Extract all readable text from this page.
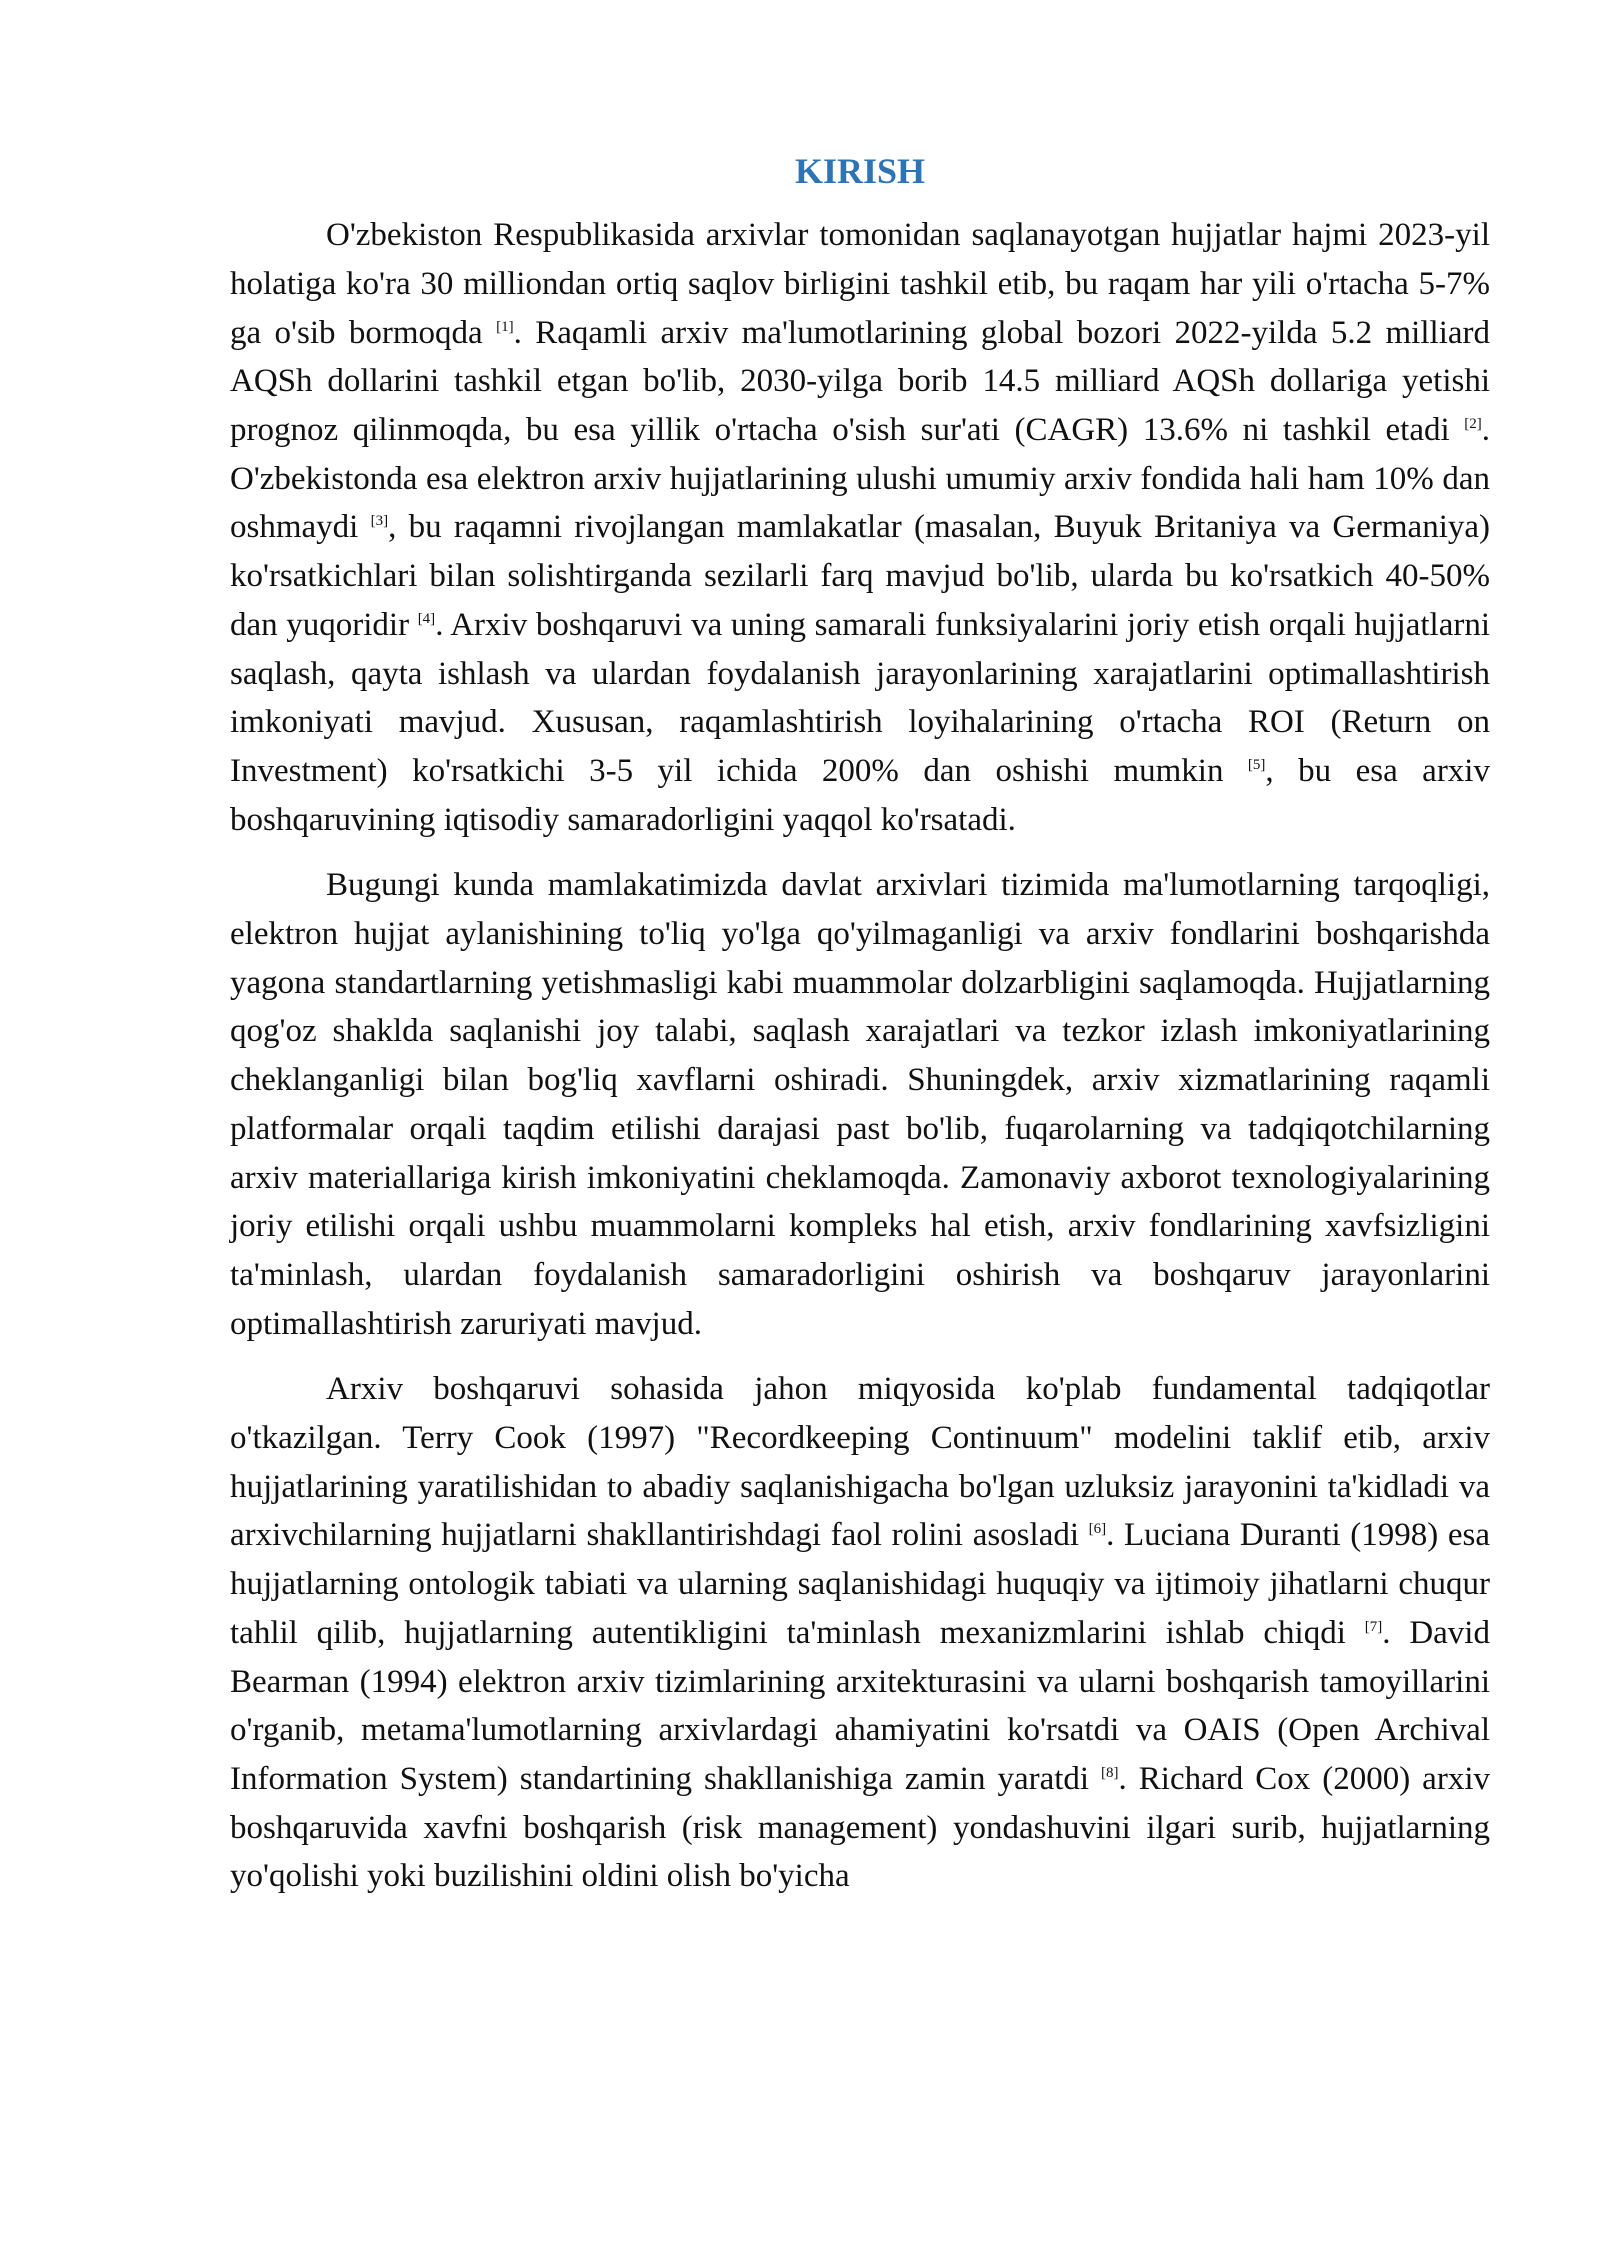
KIRISH

O'zbekiston Respublikasida arxivlar tomonidan saqlanayotgan hujjatlar hajmi 2023-yil holatiga ko'ra 30 milliondan ortiq saqlov birligini tashkil etib, bu raqam har yili o'rtacha 5-7% ga o'sib bormoqda [1]. Raqamli arxiv ma'lumotlarining global bozori 2022-yilda 5.2 milliard AQSh dollarini tashkil etgan bo'lib, 2030-yilga borib 14.5 milliard AQSh dollariga yetishi prognoz qilinmoqda, bu esa yillik o'rtacha o'sish sur'ati (CAGR) 13.6% ni tashkil etadi [2]. O'zbekistonda esa elektron arxiv hujjatlarining ulushi umumiy arxiv fondida hali ham 10% dan oshmaydi [3], bu raqamni rivojlangan mamlakatlar (masalan, Buyuk Britaniya va Germaniya) ko'rsatkichlari bilan solishtirganda sezilarli farq mavjud bo'lib, ularda bu ko'rsatkich 40-50% dan yuqoridir [4]. Arxiv boshqaruvi va uning samarali funksiyalarini joriy etish orqali hujjatlarni saqlash, qayta ishlash va ulardan foydalanish jarayonlarining xarajatlarini optimallashtirish imkoniyati mavjud. Xususan, raqamlashtirish loyihalarining o'rtacha ROI (Return on Investment) ko'rsatkichi 3-5 yil ichida 200% dan oshishi mumkin [5], bu esa arxiv boshqaruvining iqtisodiy samaradorligini yaqqol ko'rsatadi.

Bugungi kunda mamlakatimizda davlat arxivlari tizimida ma'lumotlarning tarqoqligi, elektron hujjat aylanishining to'liq yo'lga qo'yilmaganligi va arxiv fondlarini boshqarishda yagona standartlarning yetishmasligi kabi muammolar dolzarbligini saqlamoqda. Hujjatlarning qog'oz shaklda saqlanishi joy talabi, saqlash xarajatlari va tezkor izlash imkoniyatlarining cheklanganligi bilan bog'liq xavflarni oshiradi. Shuningdek, arxiv xizmatlarining raqamli platformalar orqali taqdim etilishi darajasi past bo'lib, fuqarolarning va tadqiqotchilarning arxiv materiallariga kirish imkoniyatini cheklamoqda. Zamonaviy axborot texnologiyalarining joriy etilishi orqali ushbu muammolarni kompleks hal etish, arxiv fondlarining xavfsizligini ta'minlash, ulardan foydalanish samaradorligini oshirish va boshqaruv jarayonlarini optimallashtirish zaruriyati mavjud.

Arxiv boshqaruvi sohasida jahon miqyosida ko'plab fundamental tadqiqotlar o'tkazilgan. Terry Cook (1997) "Recordkeeping Continuum" modelini taklif etib, arxiv hujjatlarining yaratilishidan to abadiy saqlanishigacha bo'lgan uzluksiz jarayonini ta'kidladi va arxivchilarning hujjatlarni shakllantirishdagi faol rolini asosladi [6]. Luciana Duranti (1998) esa hujjatlarning ontologik tabiati va ularning saqlanishidagi huquqiy va ijtimoiy jihatlarni chuqur tahlil qilib, hujjatlarning autentikligini ta'minlash mexanizmlarini ishlab chiqdi [7]. David Bearman (1994) elektron arxiv tizimlarining arxitekturasini va ularni boshqarish tamoyillarini o'rganib, metama'lumotlarning arxivlardagi ahamiyatini ko'rsatdi va OAIS (Open Archival Information System) standartining shakllanishiga zamin yaratdi [8]. Richard Cox (2000) arxiv boshqaruvida xavfni boshqarish (risk management) yondashuvini ilgari surib, hujjatlarning yo'qolishi yoki buzilishini oldini olish bo'yicha
